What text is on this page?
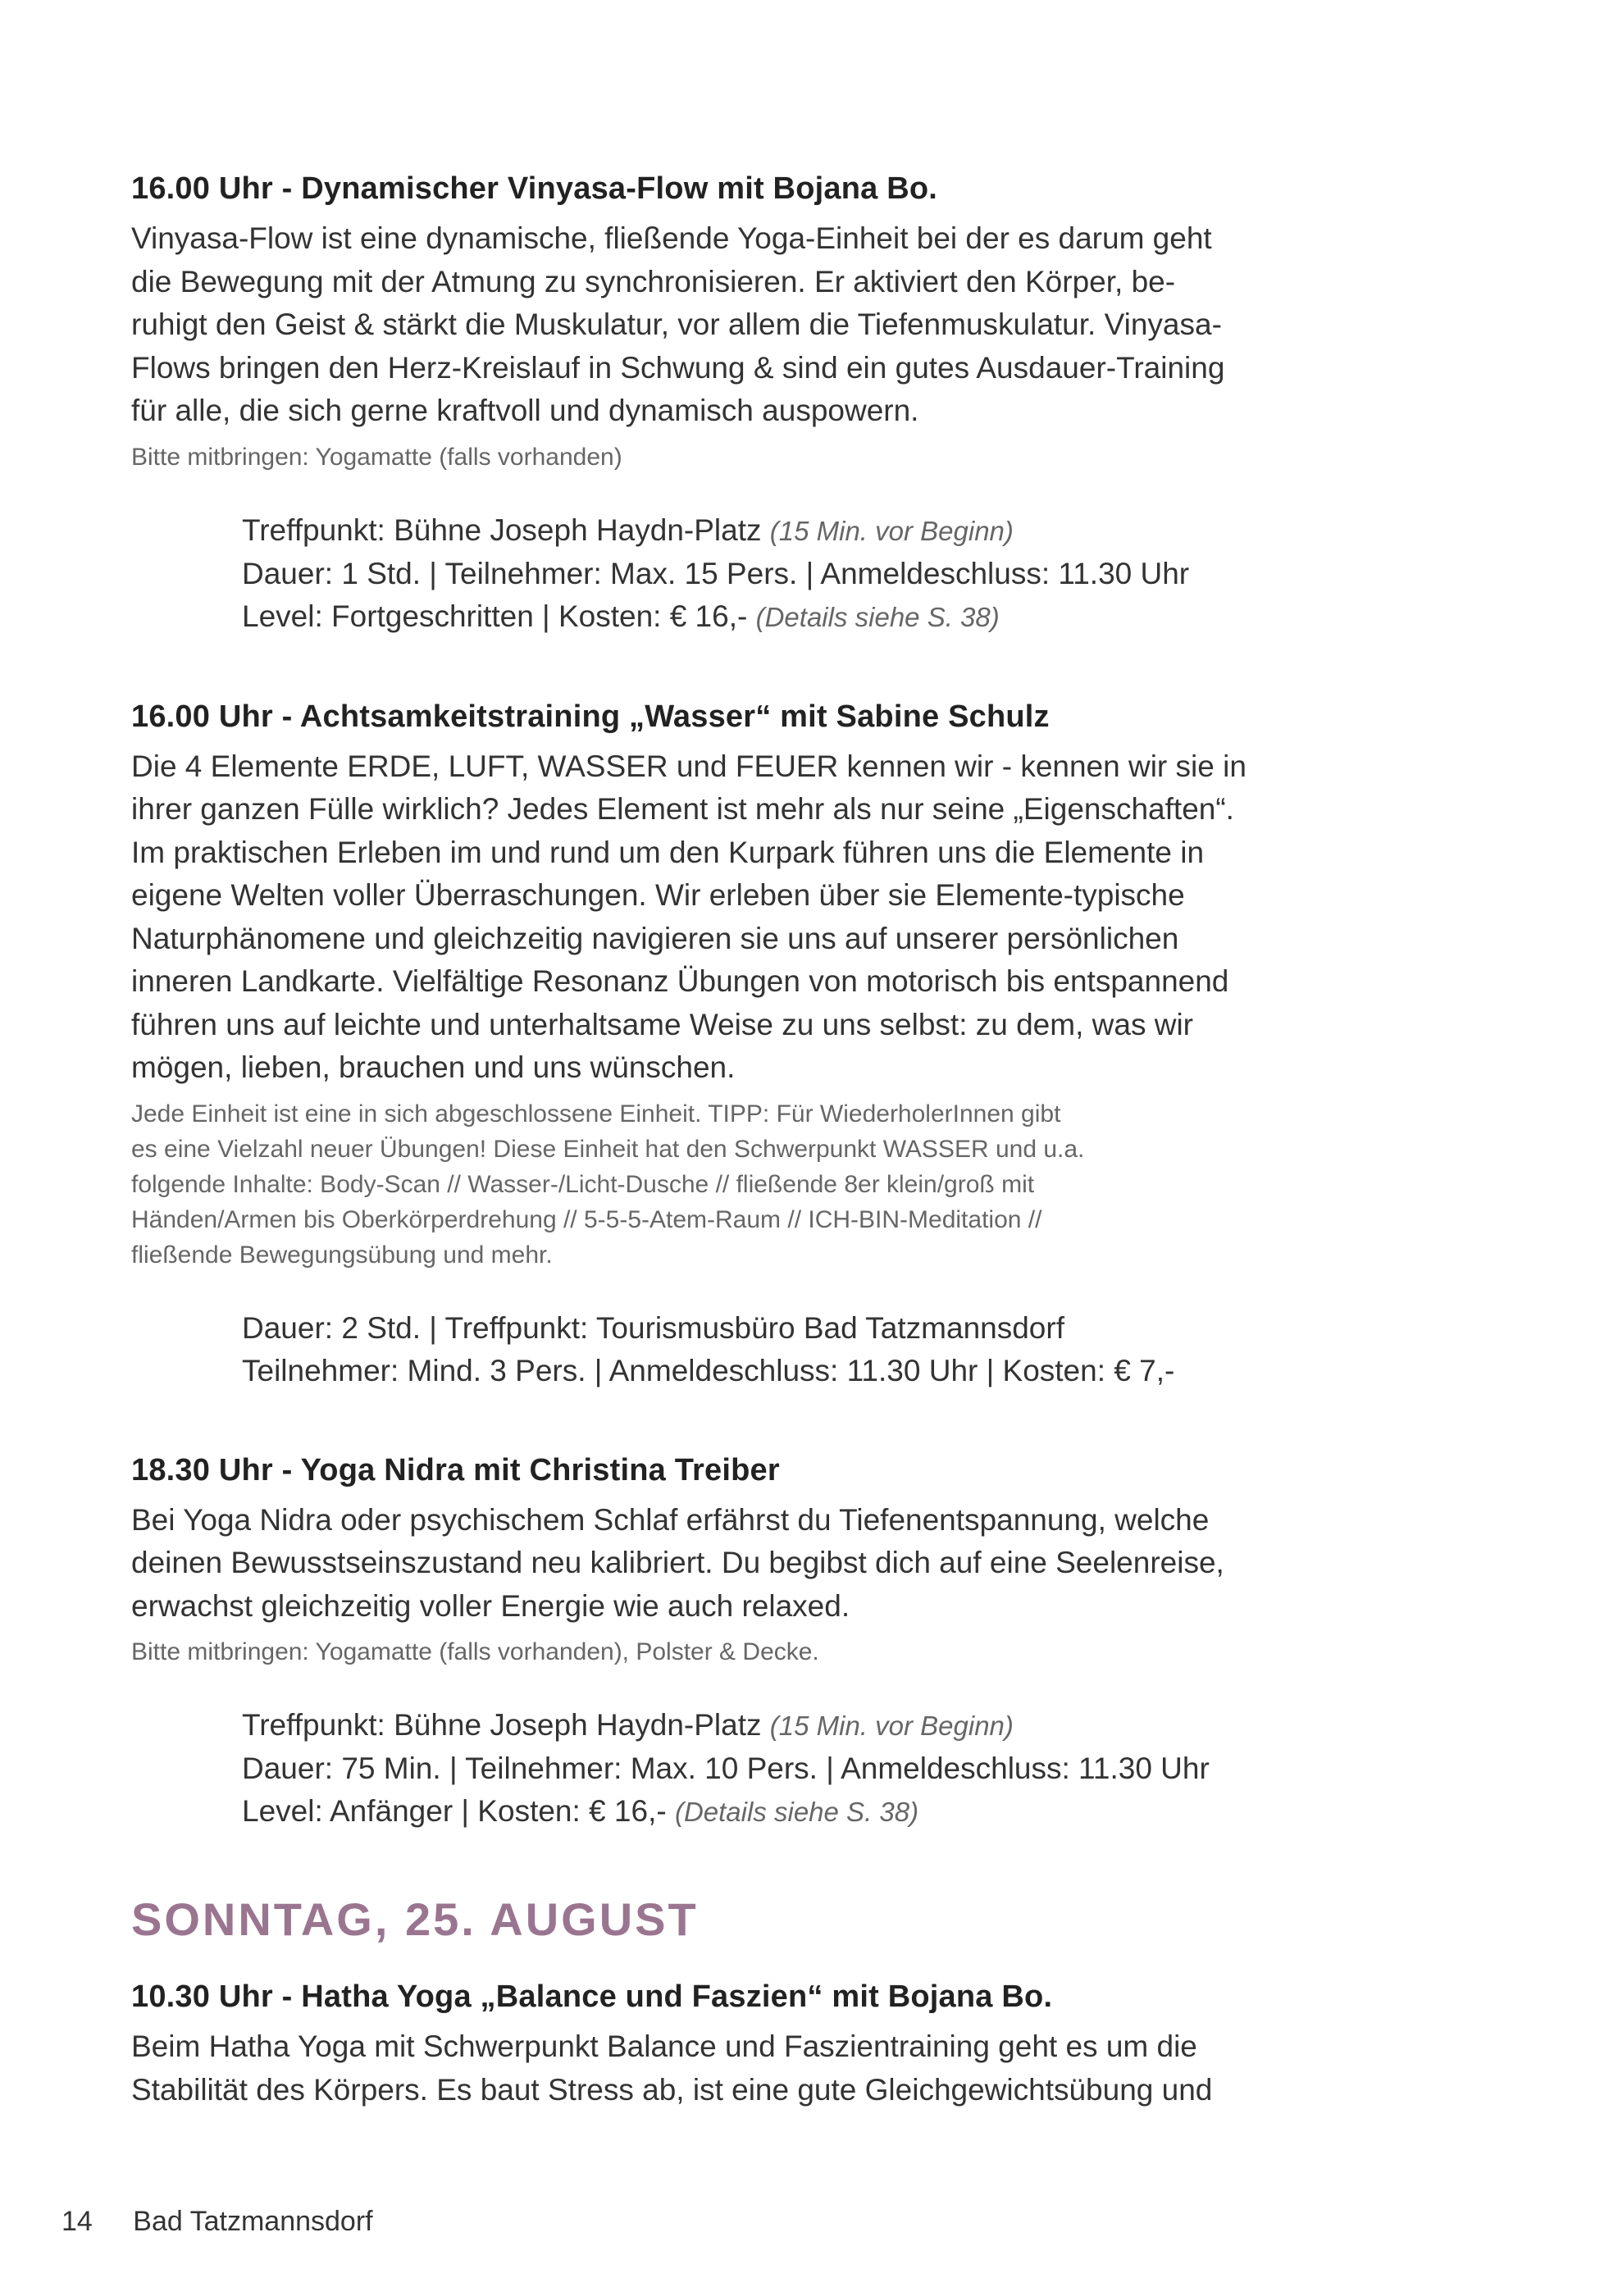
16.00 Uhr - Dynamischer Vinyasa-Flow mit Bojana Bo.
Vinyasa-Flow ist eine dynamische, fließende Yoga-Einheit bei der es darum geht
die Bewegung mit der Atmung zu synchronisieren. Er aktiviert den Körper, be-
ruhigt den Geist & stärkt die Muskulatur, vor allem die Tiefenmuskulatur. Vinyasa-
Flows bringen den Herz-Kreislauf in Schwung & sind ein gutes Ausdauer-Training
für alle, die sich gerne kraftvoll und dynamisch auspowern.
Bitte mitbringen: Yogamatte (falls vorhanden)
Treffpunkt: Bühne Joseph Haydn-Platz (15 Min. vor Beginn)
Dauer: 1 Std. | Teilnehmer: Max. 15 Pers. | Anmeldeschluss: 11.30 Uhr
Level: Fortgeschritten | Kosten: € 16,- (Details siehe S. 38)
16.00 Uhr - Achtsamkeitstraining „Wasser“ mit Sabine Schulz
Die 4 Elemente ERDE, LUFT, WASSER und FEUER kennen wir - kennen wir sie in
ihrer ganzen Fülle wirklich? Jedes Element ist mehr als nur seine „Eigenschaften“.
Im praktischen Erleben im und rund um den Kurpark führen uns die Elemente in
eigene Welten voller Überraschungen. Wir erleben über sie Elemente-typische
Naturphänomene und gleichzeitig navigieren sie uns auf unserer persönlichen
inneren Landkarte. Vielfältige Resonanz Übungen von motorisch bis entspannend
führen uns auf leichte und unterhaltsame Weise zu uns selbst: zu dem, was wir
mögen, lieben, brauchen und uns wünschen.
Jede Einheit ist eine in sich abgeschlossene Einheit. TIPP: Für WiederholerInnen gibt
es eine Vielzahl neuer Übungen! Diese Einheit hat den Schwerpunkt WASSER und u.a.
folgende Inhalte: Body-Scan // Wasser-/Licht-Dusche // fließende 8er klein/groß mit
Händen/Armen bis Oberkörperdrehung // 5-5-5-Atem-Raum // ICH-BIN-Meditation //
fließende Bewegungsübung und mehr.
Dauer: 2 Std. | Treffpunkt: Tourismusbüro Bad Tatzmannsdorf
Teilnehmer: Mind. 3 Pers. | Anmeldeschluss: 11.30 Uhr | Kosten: € 7,-
18.30 Uhr - Yoga Nidra mit Christina Treiber
Bei Yoga Nidra oder psychischem Schlaf erfährst du Tiefenentspannung, welche
deinen Bewusstseinszustand neu kalibriert. Du begibst dich auf eine Seelenreise,
erwachst gleichzeitig voller Energie wie auch relaxed.
Bitte mitbringen: Yogamatte (falls vorhanden), Polster & Decke.
Treffpunkt: Bühne Joseph Haydn-Platz (15 Min. vor Beginn)
Dauer: 75 Min. | Teilnehmer: Max. 10 Pers. | Anmeldeschluss: 11.30 Uhr
Level: Anfänger | Kosten: € 16,- (Details siehe S. 38)
SONNTAG, 25. AUGUST
10.30 Uhr - Hatha Yoga „Balance und Faszien“ mit Bojana Bo.
Beim Hatha Yoga mit Schwerpunkt Balance und Faszientraining geht es um die
Stabilität des Körpers. Es baut Stress ab, ist eine gute Gleichgewichtsübung und
14 Bad Tatzmannsdorf
